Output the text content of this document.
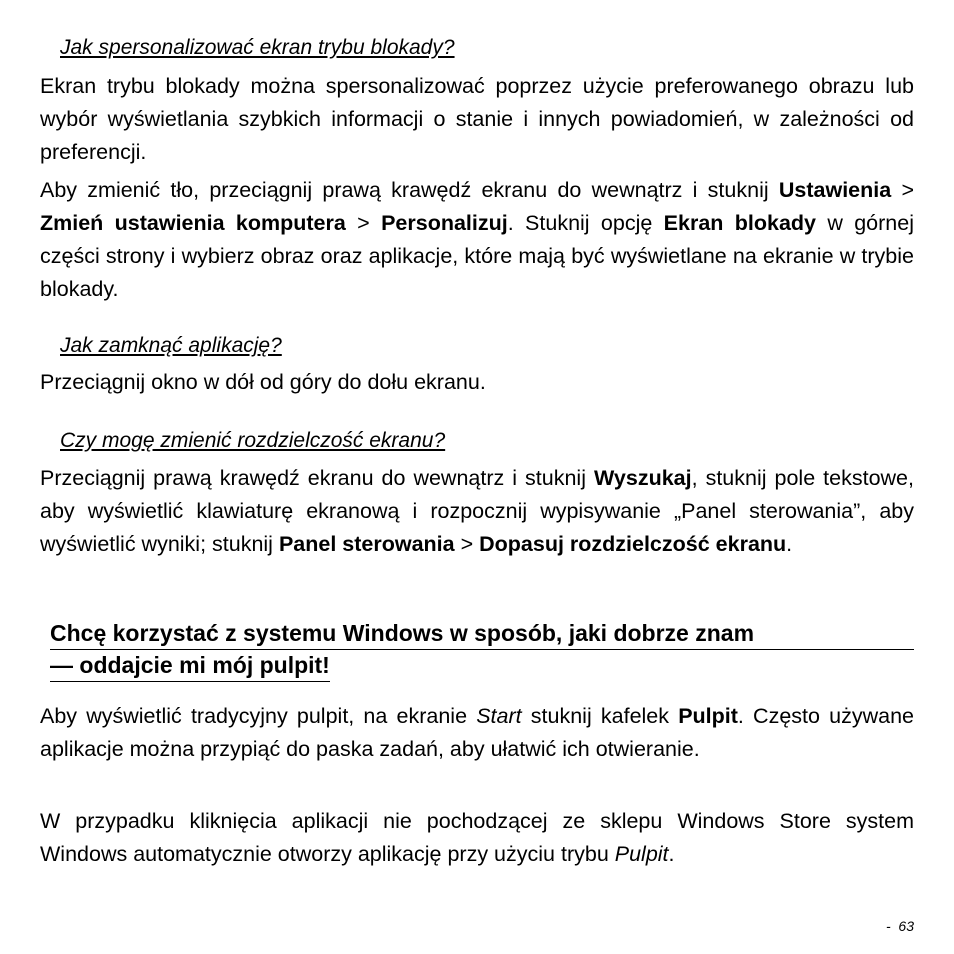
Jak spersonalizować ekran trybu blokady?
Ekran trybu blokady można spersonalizować poprzez użycie preferowanego obrazu lub wybór wyświetlania szybkich informacji o stanie i innych powiadomień, w zależności od preferencji.
Aby zmienić tło, przeciągnij prawą krawędź ekranu do wewnątrz i stuknij Ustawienia > Zmień ustawienia komputera > Personalizuj. Stuknij opcję Ekran blokady w górnej części strony i wybierz obraz oraz aplikacje, które mają być wyświetlane na ekranie w trybie blokady.
Jak zamknąć aplikację?
Przeciągnij okno w dół od góry do dołu ekranu.
Czy mogę zmienić rozdzielczość ekranu?
Przeciągnij prawą krawędź ekranu do wewnątrz i stuknij Wyszukaj, stuknij pole tekstowe, aby wyświetlić klawiaturę ekranową i rozpocznij wypisywanie „Panel sterowania”, aby wyświetlić wyniki; stuknij Panel sterowania > Dopasuj rozdzielczość ekranu.
Chcę korzystać z systemu Windows w sposób, jaki dobrze znam
— oddajcie mi mój pulpit!
Aby wyświetlić tradycyjny pulpit, na ekranie Start stuknij kafelek Pulpit. Często używane aplikacje można przypiąć do paska zadań, aby ułatwić ich otwieranie.
W przypadku kliknięcia aplikacji nie pochodzącej ze sklepu Windows Store system Windows automatycznie otworzy aplikację przy użyciu trybu Pulpit.
- 63
